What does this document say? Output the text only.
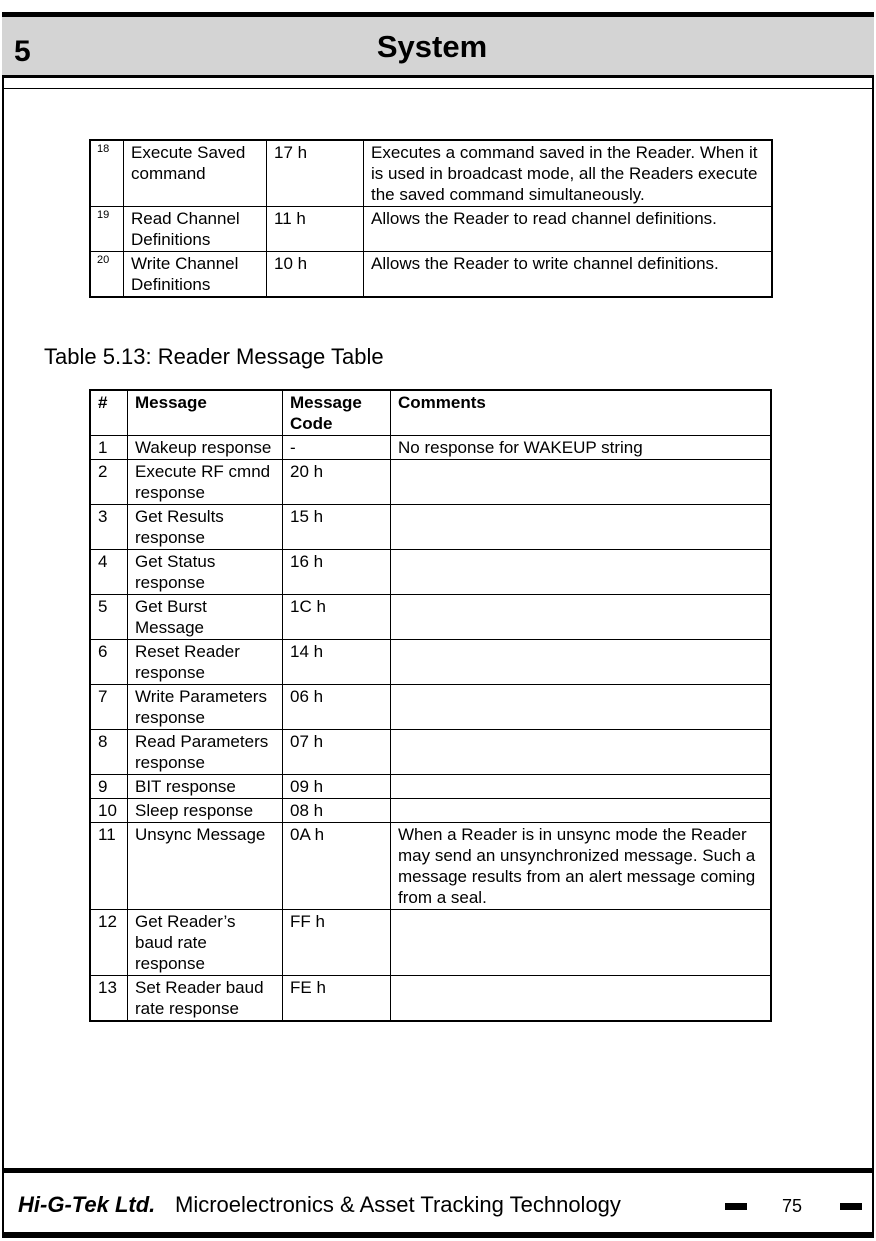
5	System
18	Execute Saved command	17 h	Executes a command saved in the Reader. When it is used in broadcast mode, all the Readers execute the saved command simultaneously.
19	Read Channel Definitions	11 h	Allows the Reader to read channel definitions.
20	Write Channel Definitions	10 h	Allows the Reader to write channel definitions.
Table 5.13: Reader Message Table
#	Message	Message Code	Comments
1	Wakeup response	-	No response for WAKEUP string
2	Execute RF cmnd response	20 h	
3	Get Results response	15 h	
4	Get Status response	16 h	
5	Get Burst Message	1C h	
6	Reset Reader response	14 h	
7	Write Parameters response	06 h	
8	Read Parameters response	07 h	
9	BIT response	09 h	
10	Sleep response	08 h	
11	Unsync Message	0A h	When a Reader is in unsync mode the Reader may send an unsynchronized message. Such a message results from an alert message coming from a seal.
12	Get Reader’s baud rate response	FF h	
13	Set Reader baud rate response	FE h	
Hi-G-Tek Ltd. Microelectronics & Asset Tracking Technology	75
